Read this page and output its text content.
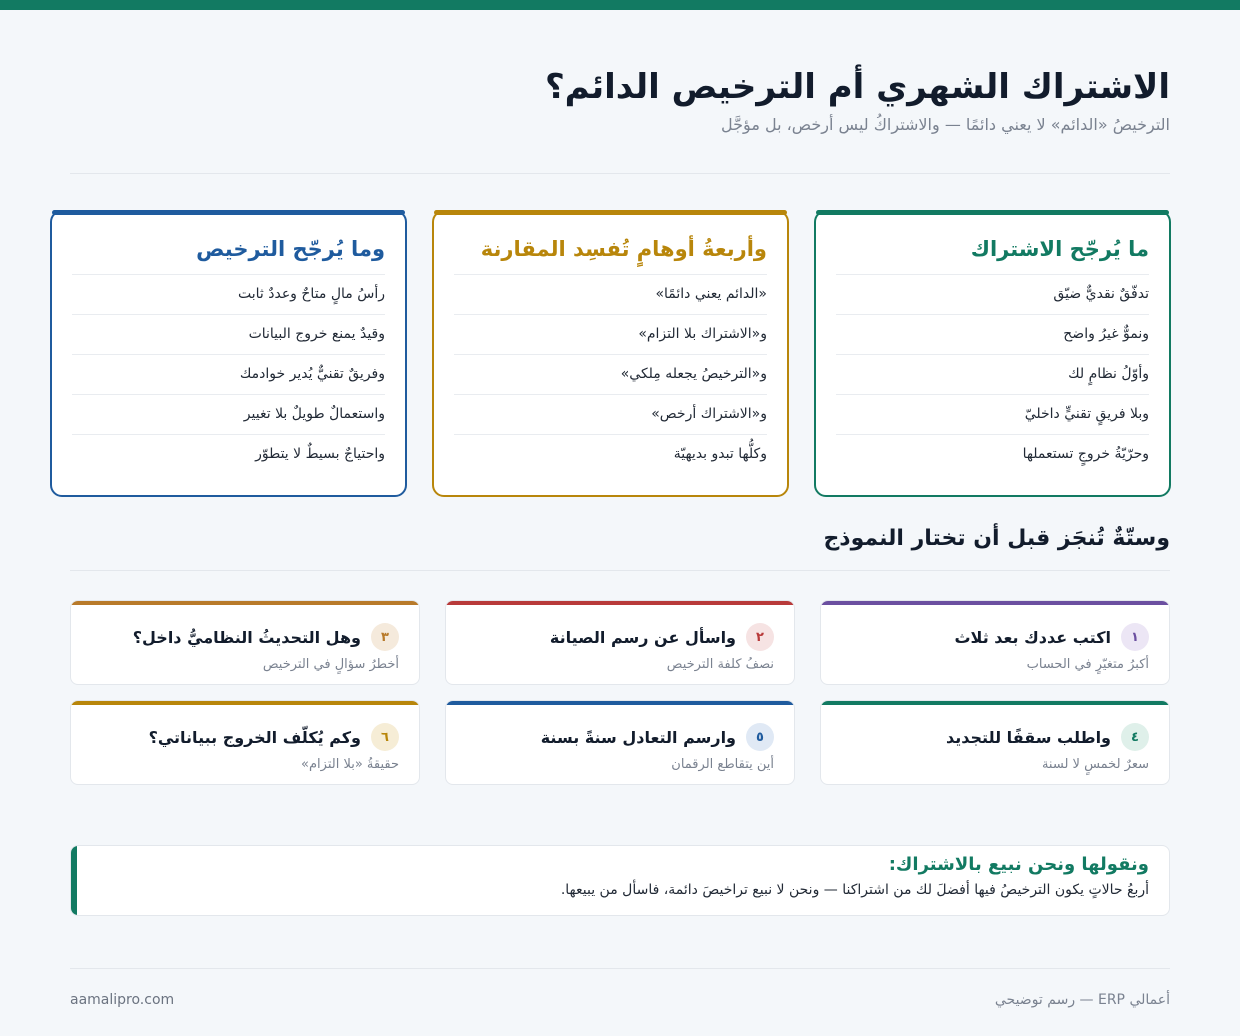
الاشتراك الشهري أم الترخيص الدائم؟
الترخيصُ «الدائم» لا يعني دائمًا — والاشتراكُ ليس أرخص، بل مؤجَّل
ما يُرجّح الاشتراك
تدفّقٌ نقديٌّ ضيّق
ونموٌّ غيرُ واضح
وأوّلُ نظامٍ لك
وبلا فريقٍ تقنيٍّ داخليّ
وحرّيّةُ خروجٍ تستعملها
وأربعةُ أوهامٍ تُفسِد المقارنة
«الدائم يعني دائمًا»
و«الاشتراك بلا التزام»
و«الترخيصُ يجعله مِلكي»
و«الاشتراك أرخص»
وكلُّها تبدو بديهيّة
وما يُرجّح الترخيص
رأسُ مالٍ متاحٌ وعددٌ ثابت
وقيدٌ يمنع خروج البيانات
وفريقٌ تقنيٌّ يُدير خوادمك
واستعمالٌ طويلٌ بلا تغيير
واحتياجٌ بسيطٌ لا يتطوّر
وستّةٌ تُنجَز قبل أن تختار النموذج
١
اكتب عددك بعد ثلاث
أكبرُ متغيّرٍ في الحساب
٢
واسأل عن رسم الصيانة
نصفُ كلفة الترخيص
٣
وهل التحديثُ النظاميُّ داخل؟
أخطرُ سؤالٍ في الترخيص
٤
واطلب سقفًا للتجديد
سعرٌ لخمسٍ لا لسنة
٥
وارسم التعادل سنةً بسنة
أين يتقاطع الرقمان
٦
وكم يُكلّف الخروج ببياناتي؟
حقيقةُ «بلا التزام»
ونقولها ونحن نبيع بالاشتراك:
أربعُ حالاتٍ يكون الترخيصُ فيها أفضلَ لك من اشتراكنا — ونحن لا نبيع تراخيصَ دائمة، فاسأل من يبيعها.
أعمالي ERP — رسم توضيحي
aamalipro.com
